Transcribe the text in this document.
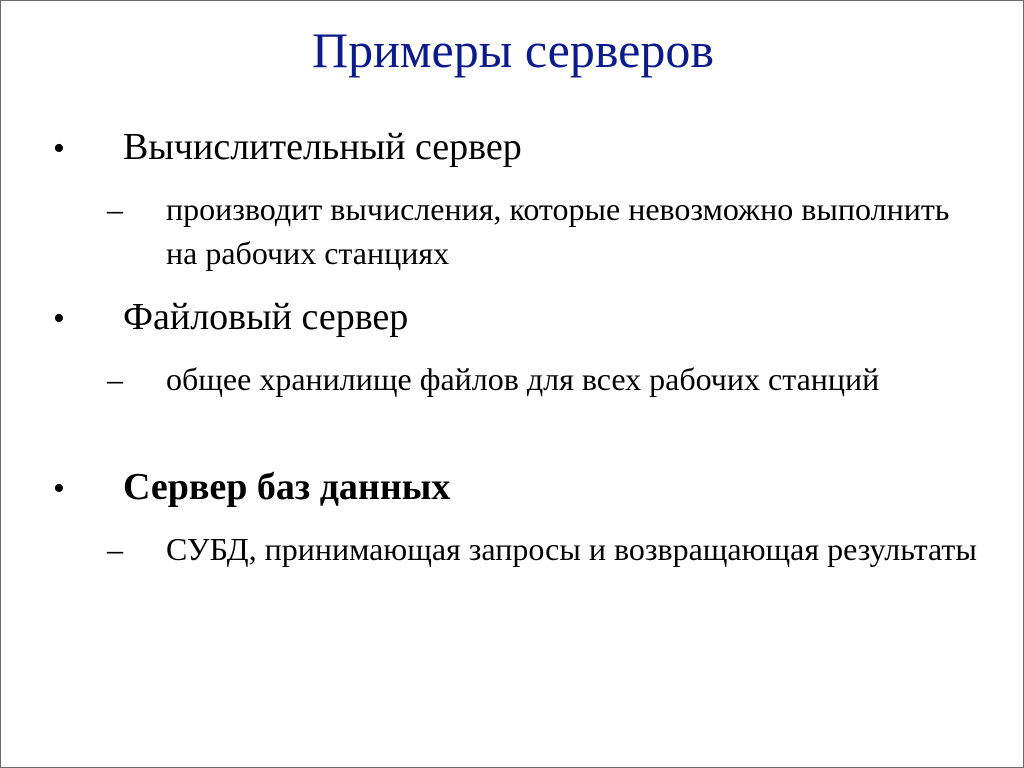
Примеры серверов
• Вычислительный сервер
– производит вычисления, которые невозможно выполнить на рабочих станциях
• Файловый сервер
– общее хранилище файлов для всех рабочих станций
• Сервер баз данных
– СУБД, принимающая запросы и возвращающая результаты
